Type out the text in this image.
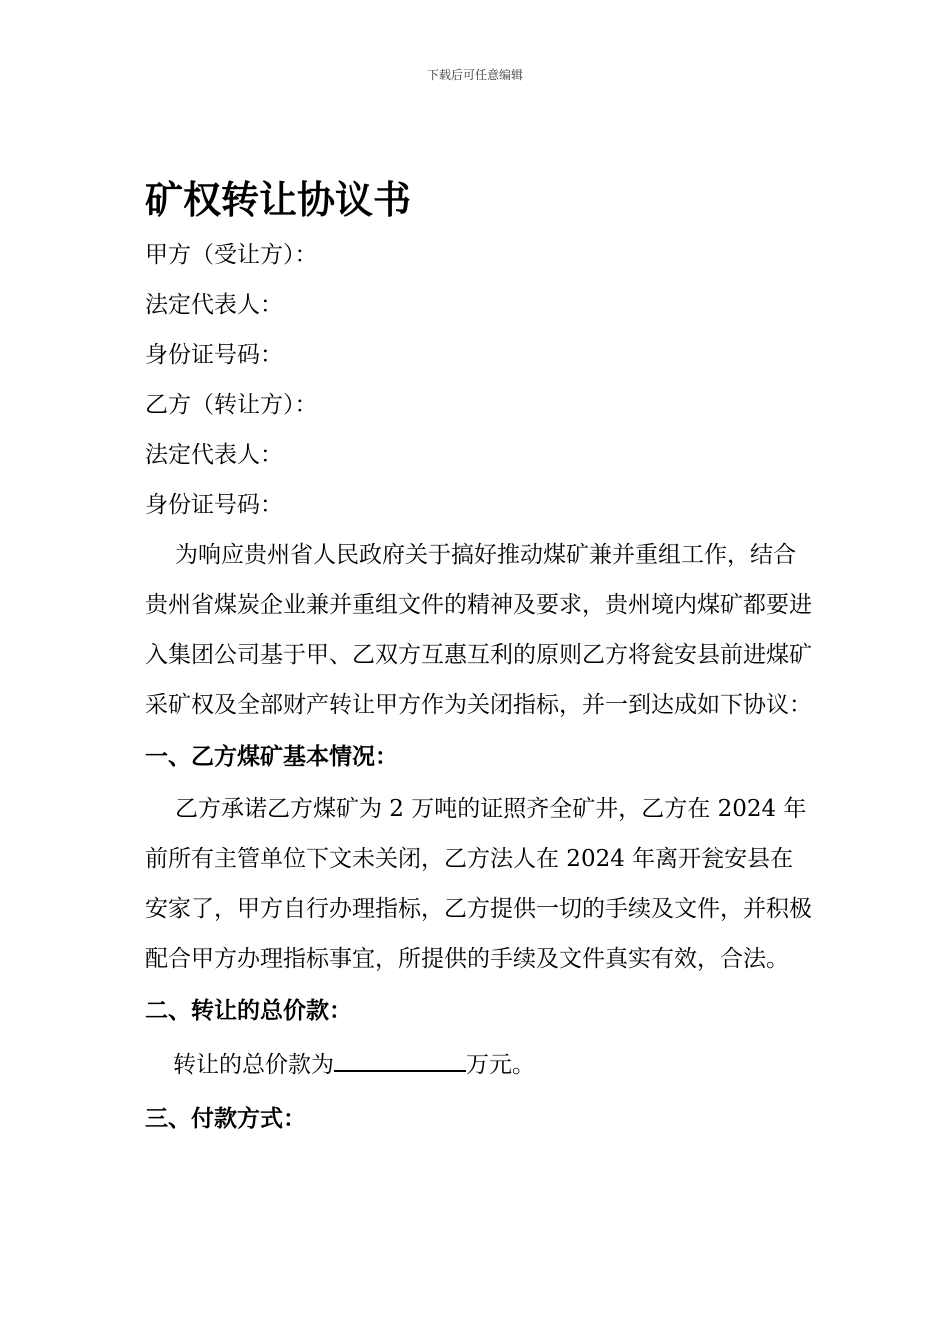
下载后可任意编辑
矿权转让协议书
甲方（受让方）：
法定代表人：
身份证号码：
乙方（转让方）：
法定代表人：
身份证号码：

为响应贵州省人民政府关于搞好推动煤矿兼并重组工作，结合贵州省煤炭企业兼并重组文件的精神及要求，贵州境内煤矿都要进入集团公司基于甲、乙双方互惠互利的原则乙方将瓮安县前进煤矿采矿权及全部财产转让甲方作为关闭指标，并一到达成如下协议：

一、乙方煤矿基本情况：

乙方承诺乙方煤矿为 2 万吨的证照齐全矿井，乙方在 2024 年前所有主管单位下文未关闭，乙方法人在 2024 年离开瓮安县在　安家了，甲方自行办理指标，乙方提供一切的手续及文件，并积极配合甲方办理指标事宜，所提供的手续及文件真实有效，合法。

二、转让的总价款：
转让的总价款为	万元。
三、付款方式：
